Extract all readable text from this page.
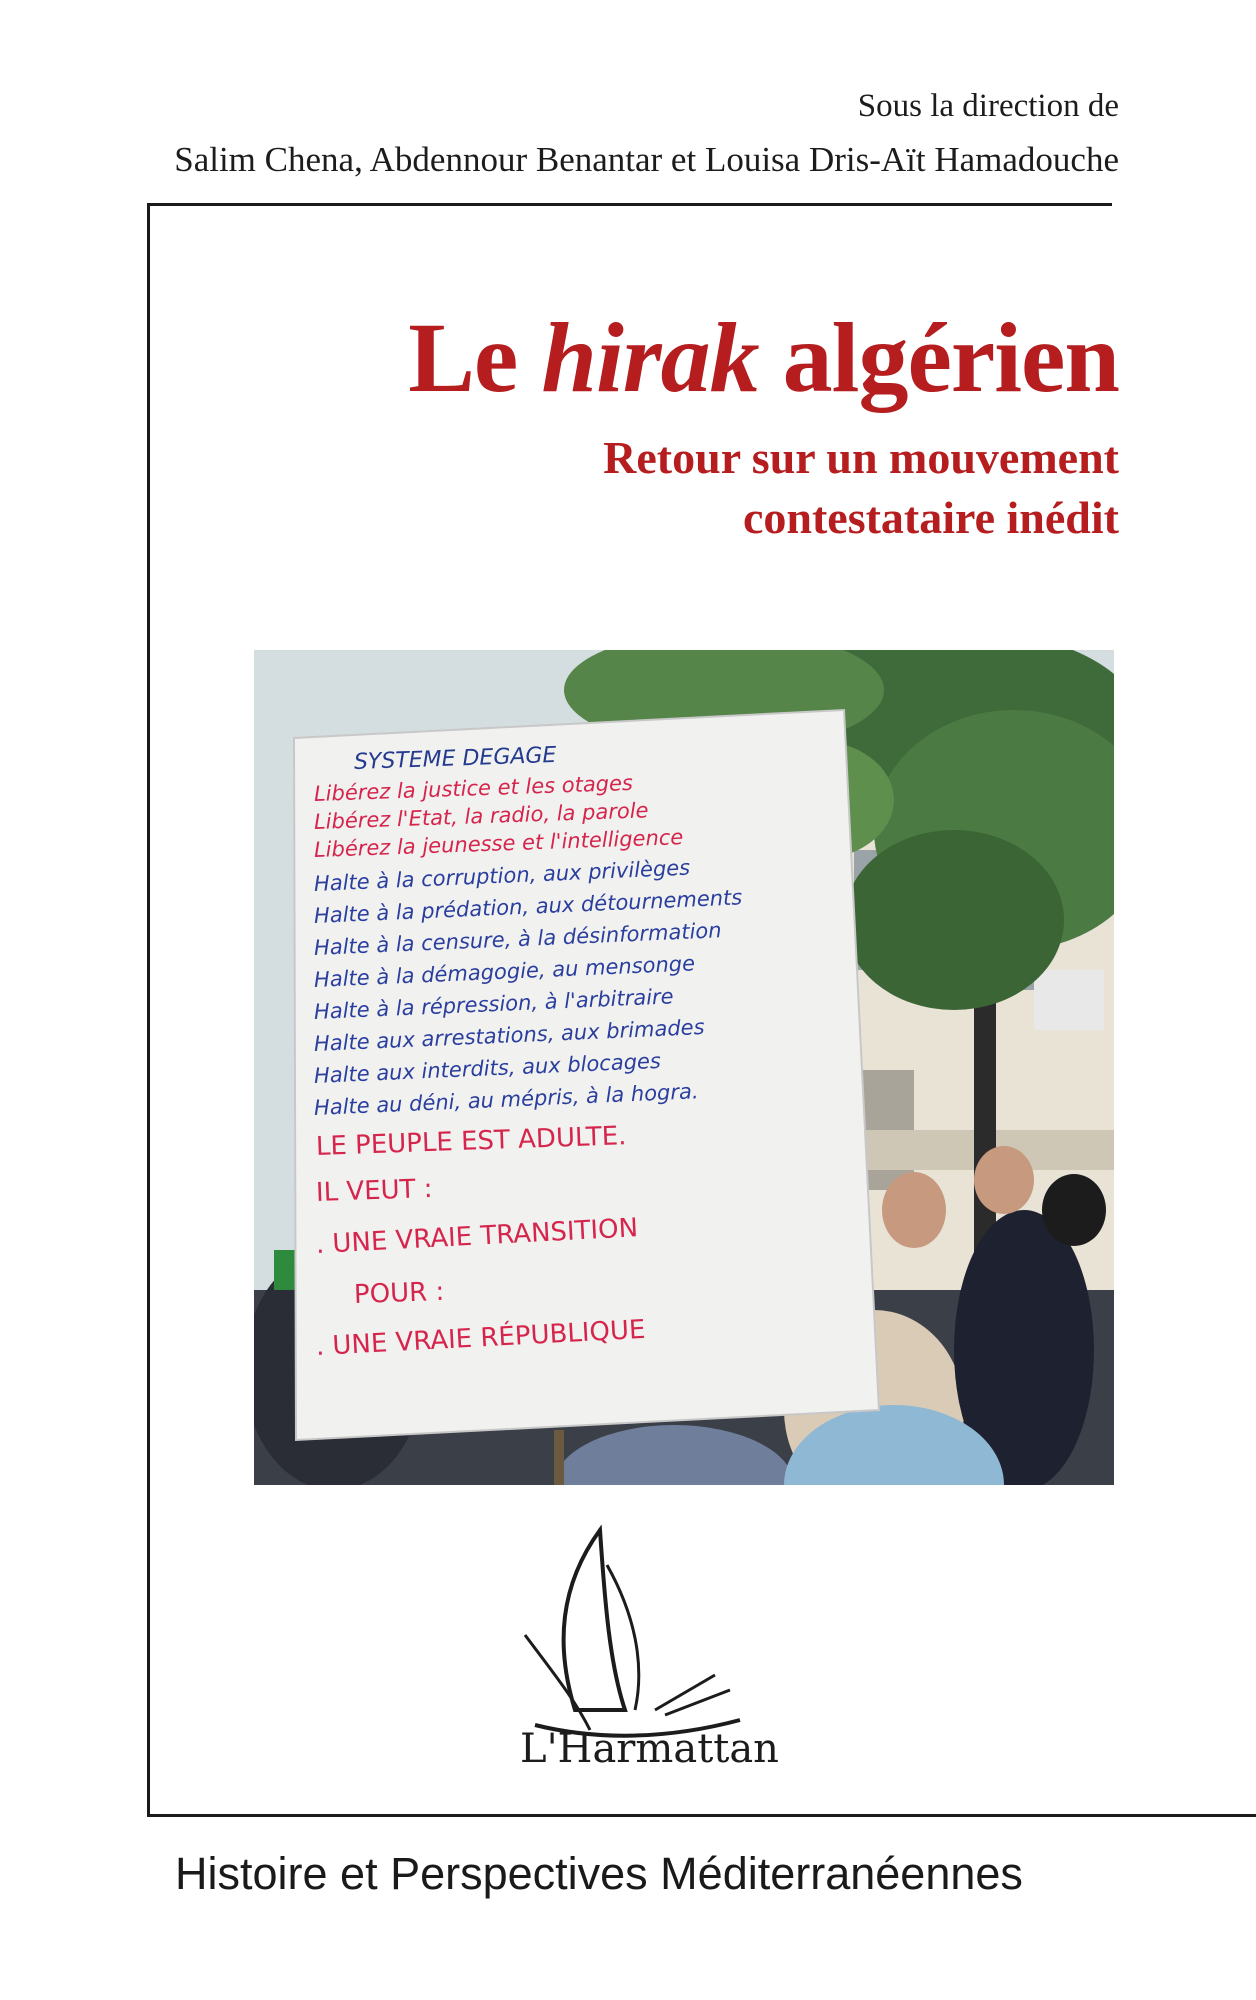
Sous la direction de
Salim Chena, Abdennour Benantar et Louisa Dris-Aït Hamadouche
Le hirak algérien
Retour sur un mouvement
contestataire inédit
SYSTEME DEGAGE
Libérez la justice et les otages
Libérez l'Etat, la radio, la parole
Libérez la jeunesse et l'intelligence
Halte à la corruption, aux privilèges
Halte à la prédation, aux détournements
Halte à la censure, à la désinformation
Halte à la démagogie, au mensonge
Halte à la répression, à l'arbitraire
Halte aux arrestations, aux brimades
Halte aux interdits, aux blocages
Halte au déni, au mépris, à la hogra.
LE PEUPLE EST ADULTE.
IL VEUT :
. UNE VRAIE TRANSITION
POUR :
. UNE VRAIE RÉPUBLIQUE
L'Harmattan
Histoire et Perspectives Méditerranéennes
